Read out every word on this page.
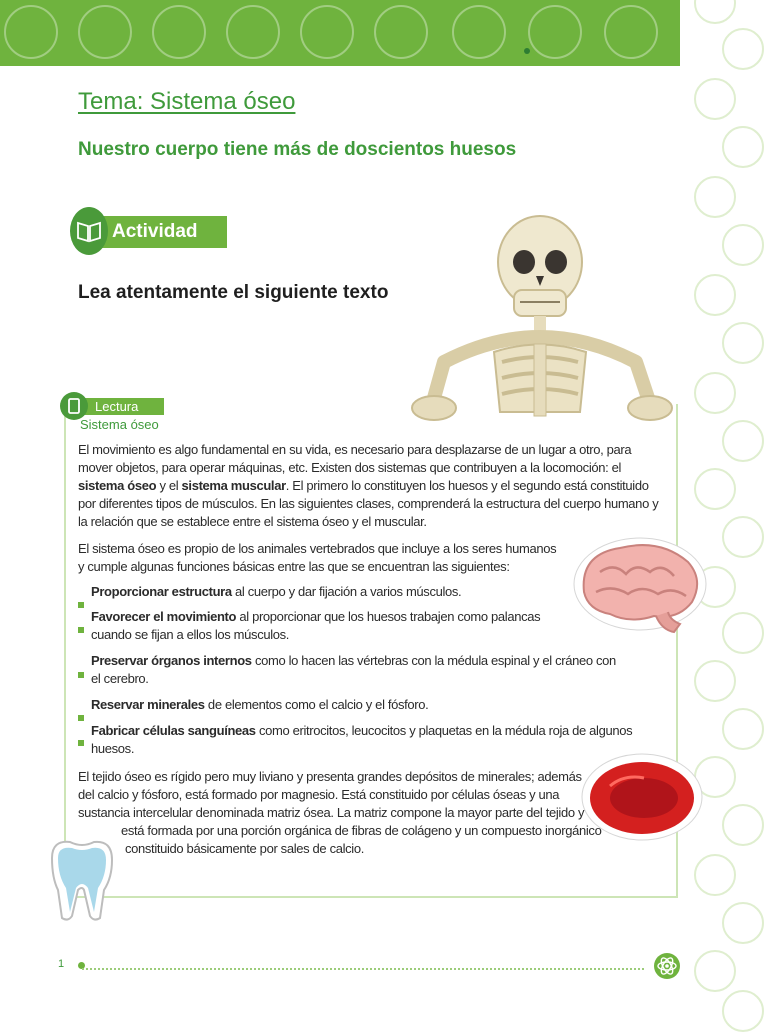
Tema: Sistema óseo
Nuestro cuerpo tiene más de doscientos huesos
Actividad

Lea atentamente el siguiente texto

Lectura
Sistema óseo

El movimiento es algo fundamental en su vida, es necesario para desplazarse de un lugar a otro, para

mover objetos, para operar máquinas, etc. Existen dos sistemas que contribuyen a la locomoción: el

sistema óseo y el sistema muscular. El primero lo constituyen los huesos y el segundo está constituido

por diferentes tipos de músculos. En las siguientes clases, comprenderá la estructura del cuerpo humano y

la relación que se establece entre el sistema óseo y el muscular.

El sistema óseo es propio de los animales vertebrados que incluye a los seres humanos

y cumple algunas funciones básicas entre las que se encuentran las siguientes:

Proporcionar estructura al cuerpo y dar fijación a varios músculos.

Favorecer el movimiento al proporcionar que los huesos trabajen como palancas

cuando se fijan a ellos los músculos.

Preservar órganos internos como lo hacen las vértebras con la médula espinal y el cráneo con

el cerebro.

Reservar minerales de elementos como el calcio y el fósforo.

Fabricar células sanguíneas como eritrocitos, leucocitos y plaquetas en la médula roja de algunos

huesos.

El tejido óseo es rígido pero muy liviano y presenta grandes depósitos de minerales; además

del calcio y fósforo, está formado por magnesio. Está constituido por células óseas y una

sustancia intercelular denominada matriz ósea. La matriz compone la mayor parte del tejido y

está formada por una porción orgánica de fibras de colágeno y un compuesto inorgánico

constituido básicamente por sales de calcio.

1
